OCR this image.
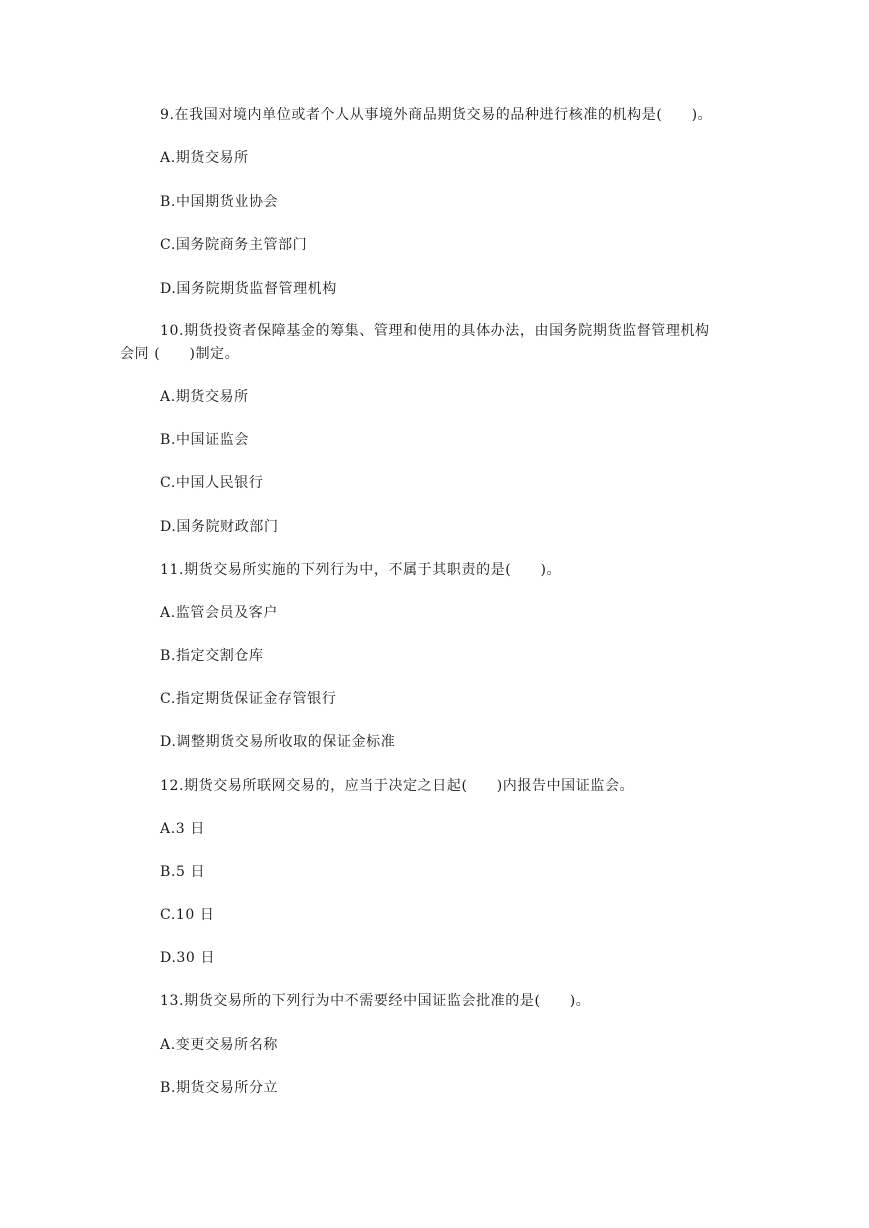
9.在我国对境内单位或者个人从事境外商品期货交易的品种进行核准的机构是(　　)。
A.期货交易所
B.中国期货业协会
C.国务院商务主管部门
D.国务院期货监督管理机构
10.期货投资者保障基金的筹集、管理和使用的具体办法，由国务院期货监督管理机构
会同 (　　)制定。
A.期货交易所
B.中国证监会
C.中国人民银行
D.国务院财政部门
11.期货交易所实施的下列行为中，不属于其职责的是(　　)。
A.监管会员及客户
B.指定交割仓库
C.指定期货保证金存管银行
D.调整期货交易所收取的保证金标准
12.期货交易所联网交易的，应当于决定之日起(　　)内报告中国证监会。
A.3 日
B.5 日
C.10 日
D.30 日
13.期货交易所的下列行为中不需要经中国证监会批准的是(　　)。
A.变更交易所名称
B.期货交易所分立
